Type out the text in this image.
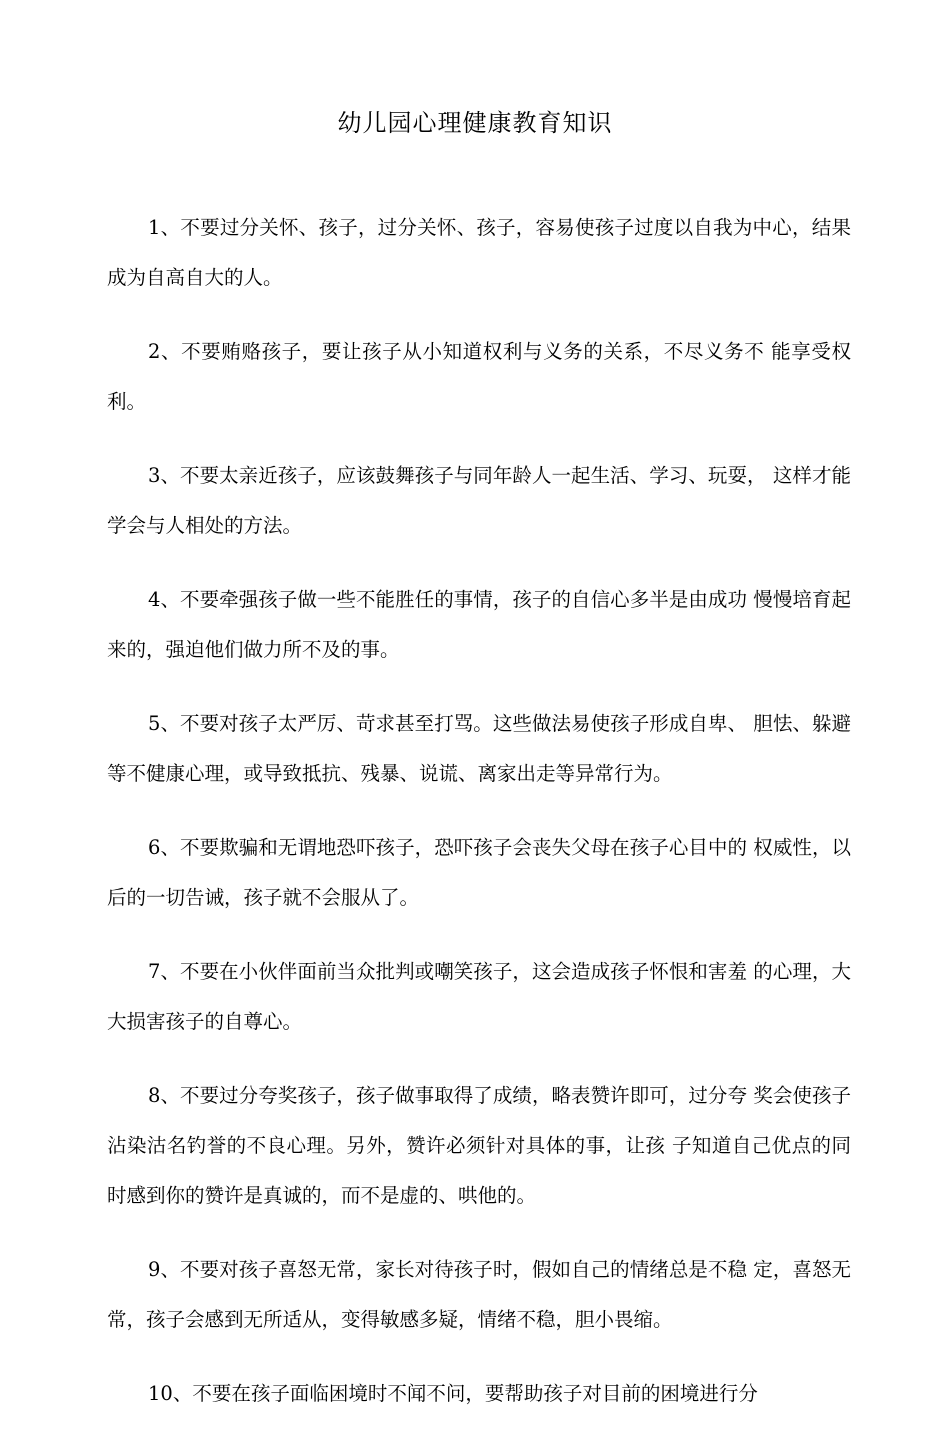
幼儿园心理健康教育知识

1、不要过分关怀、孩子，过分关怀、孩子，容易使孩子过度以自我为中心，结果成为自高自大的人。

2、不要贿赂孩子，要让孩子从小知道权利与义务的关系，不尽义务不 能享受权利。

3、不要太亲近孩子，应该鼓舞孩子与同年龄人一起生活、学习、玩耍， 这样才能学会与人相处的方法。

4、不要牵强孩子做一些不能胜任的事情，孩子的自信心多半是由成功 慢慢培育起来的，强迫他们做力所不及的事。

5、不要对孩子太严厉、苛求甚至打骂。这些做法易使孩子形成自卑、 胆怯、躲避等不健康心理，或导致抵抗、残暴、说谎、离家出走等异常行为。

6、不要欺骗和无谓地恐吓孩子，恐吓孩子会丧失父母在孩子心目中的 权威性，以后的一切告诫，孩子就不会服从了。

7、不要在小伙伴面前当众批判或嘲笑孩子，这会造成孩子怀恨和害羞 的心理，大大损害孩子的自尊心。

8、不要过分夸奖孩子，孩子做事取得了成绩，略表赞许即可，过分夸 奖会使孩子沾染沽名钓誉的不良心理。另外，赞许必须针对具体的事，让孩 子知道自己优点的同时感到你的赞许是真诚的，而不是虚的、哄他的。

9、不要对孩子喜怒无常，家长对待孩子时，假如自己的情绪总是不稳 定，喜怒无常，孩子会感到无所适从，变得敏感多疑，情绪不稳，胆小畏缩。

10、不要在孩子面临困境时不闻不问，要帮助孩子对目前的困境进行分
